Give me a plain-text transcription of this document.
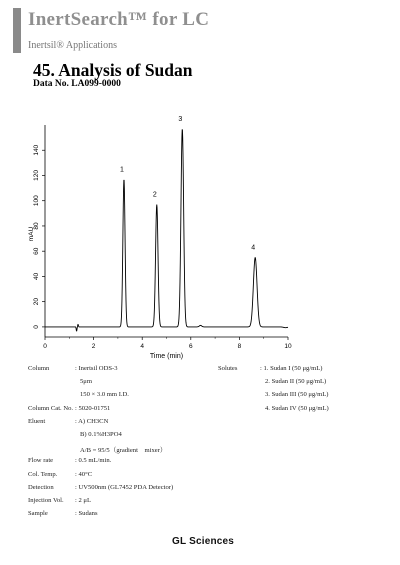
InertSearch™ for LC
Inertsil® Applications
45. Analysis of Sudan
Data No. LA099-0000
0	2	4	6	8	10
0
20
40
60
80
100
120
140
Time (min)
mAU
1
2
3
4
Column	: Inertsil ODS-3
5μm
150 × 3.0 mm I.D.
Column Cat. No. : 5020-01751
Eluent	: A) CH3CN
B) 0.1%H3PO4
A/B = 95/5（gradient　mixer）
Flow rate	: 0.5 mL/min.
Col. Temp.	: 40°C
Detection	: UV500nm (GL7452 PDA Detector)
Injection Vol. : 2 μL
Sample	: Sudans
Solutes	: 1. Sudan I (50 μg/mL)
2. Sudan II (50 μg/mL)
3. Sudan III (50 μg/mL)
4. Sudan IV (50 μg/mL)
GL Sciences
